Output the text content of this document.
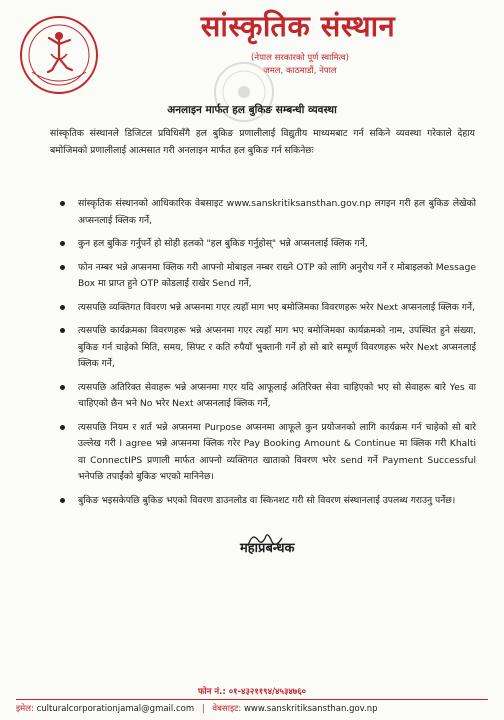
सांस्कृतिक संस्थान
(नेपाल सरकारको पूर्ण स्वामित्व)
जमल, काठमाडौं, नेपाल
अनलाइन मार्फत हल बुकिङ सम्बन्धी व्यवस्था

सांस्कृतिक संस्थानले डिजिटल प्रविधिसँगै हल बुकिङ प्रणालीलाई विद्युतीय माध्यमबाट गर्न सकिने व्यवस्था गरेकाले देहाय बमोजिमको प्रणालीलाई आत्मसात गरी अनलाइन मार्फत हल बुकिङ गर्न सकिनेछः

सांस्कृतिक संस्थानको आधिकारिक वेबसाइट www.sanskritiksansthan.gov.np लगइन गरी हल बुकिङ लेखेको अप्सनलाई क्लिक गर्ने,
कुन हल बुकिङ गर्नुपर्ने हो सोही हलको "हल बुकिङ गर्नुहोस्" भन्ने अप्सनलाई क्लिक गर्ने,
फोन नम्बर भन्ने अप्सनमा क्लिक गरी आफ्नो मोबाइल नम्बर राख्ने OTP को लागि अनुरोध गर्ने र मोबाइलको Message Box मा प्राप्त हुने OTP कोडलाई राखेर Send गर्ने,
त्यसपछि व्यक्तिगत विवरण भन्ने अप्सनमा गएर त्यहाँ माग भए बमोजिमका विवरणहरू भरेर Next अप्सनलाई क्लिक गर्ने,
त्यसपछि कार्यक्रमका विवरणहरू भन्ने अप्सनमा गएर त्यहाँ माग भए बमोजिमका कार्यक्रमको नाम, उपस्थित हुने संख्या, बुकिङ गर्न चाहेको मिति, समय, सिफ्ट र कति रुपैयाँ भुक्तानी गर्ने हो सो बारे सम्पूर्ण विवरणहरू भरेर Next अप्सनलाई क्लिक गर्ने,
त्यसपछि अतिरिक्त सेवाहरू भन्ने अप्सनमा गएर यदि आफूलाई अतिरिक्त सेवा चाहिएको भए सो सेवाहरू बारे Yes वा चाहिएको छैन भने No भरेर Next अप्सनलाई क्लिक गर्ने,
त्यसपछि नियम र शर्त भन्ने अप्सनमा Purpose अप्सनमा आफूले कुन प्रयोजनको लागि कार्यक्रम गर्न चाहेको सो बारे उल्लेख गरी I agree भन्ने अप्सनमा क्लिक गरेर Pay Booking Amount & Continue मा क्लिक गरी Khalti वा ConnectIPS प्रणाली मार्फत आफ्नो व्यक्तिगत खाताको विवरण भरेर send गर्ने Payment Successful भनेपछि तपाईंको बुकिङ भएको मानिनेछ।
बुकिङ भइसकेपछि बुकिङ भएको विवरण डाउनलोड वा स्किनशट गरी सो विवरण संस्थानलाई उपलब्ध गराउनु पर्नेछ।
महाप्रबन्धक
फोन नं.: ०१-४३२११९४/४५३४७६०
इमेल: culturalcorporationjamal@gmail.com | वेबसाइट: www.sanskritiksansthan.gov.np
